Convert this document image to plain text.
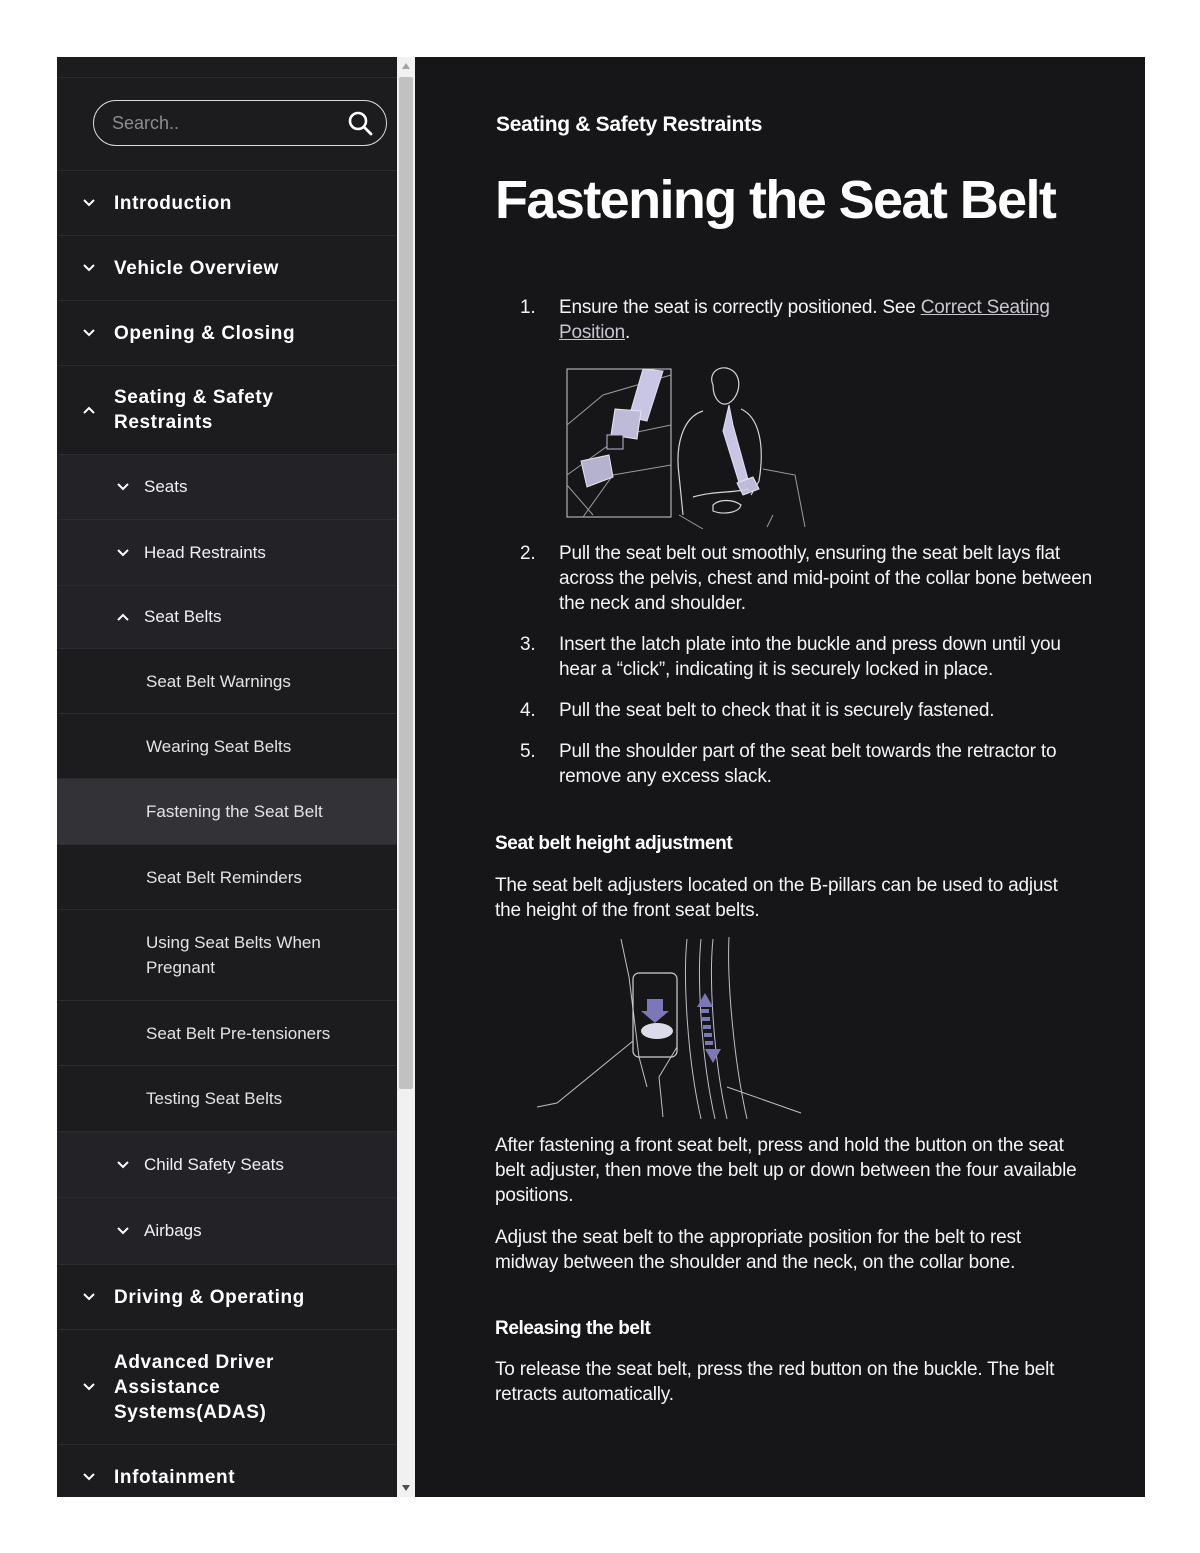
Search..
Introduction
Vehicle Overview
Opening & Closing
Seating & Safety Restraints
Seats
Head Restraints
Seat Belts
Seat Belt Warnings
Wearing Seat Belts
Fastening the Seat Belt
Seat Belt Reminders
Using Seat Belts When Pregnant
Seat Belt Pre-tensioners
Testing Seat Belts
Child Safety Seats
Airbags
Driving & Operating
Advanced Driver Assistance Systems(ADAS)
Infotainment
Seating & Safety Restraints
Fastening the Seat Belt
1. Ensure the seat is correctly positioned. See Correct Seating Position.
2. Pull the seat belt out smoothly, ensuring the seat belt lays flat across the pelvis, chest and mid-point of the collar bone between the neck and shoulder.
3. Insert the latch plate into the buckle and press down until you hear a “click”, indicating it is securely locked in place.
4. Pull the seat belt to check that it is securely fastened.
5. Pull the shoulder part of the seat belt towards the retractor to remove any excess slack.
Seat belt height adjustment

The seat belt adjusters located on the B-pillars can be used to adjust the height of the front seat belts.

After fastening a front seat belt, press and hold the button on the seat belt adjuster, then move the belt up or down between the four available positions.

Adjust the seat belt to the appropriate position for the belt to rest midway between the shoulder and the neck, on the collar bone.

Releasing the belt

To release the seat belt, press the red button on the buckle. The belt retracts automatically.
